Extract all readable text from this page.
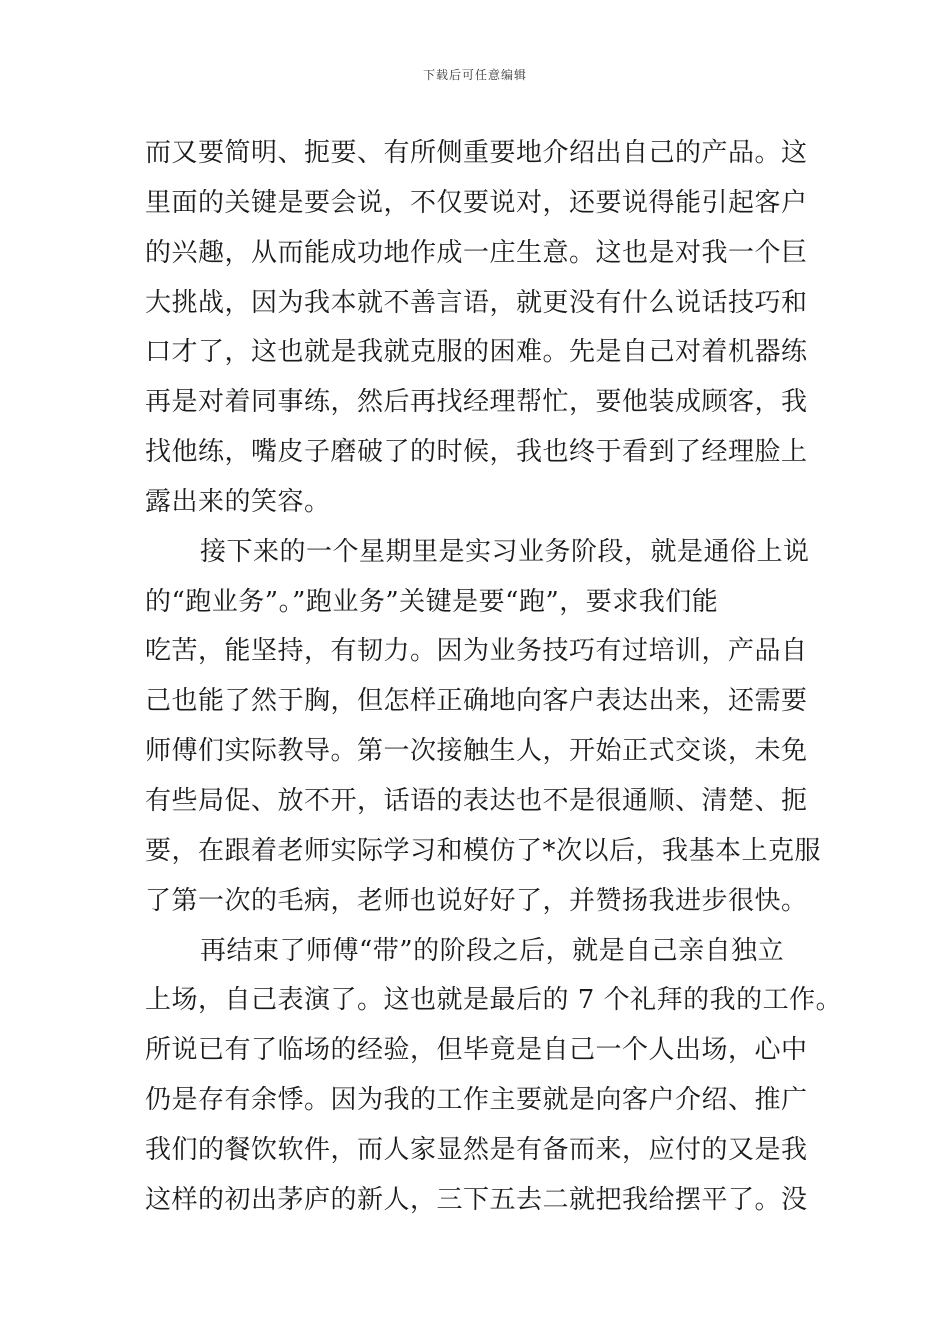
下载后可任意编辑
而又要简明、扼要、有所侧重要地介绍出自己的产品。这
里面的关键是要会说，不仅要说对，还要说得能引起客户
的兴趣，从而能成功地作成一庄生意。这也是对我一个巨
大挑战，因为我本就不善言语，就更没有什么说话技巧和
口才了，这也就是我就克服的困难。先是自己对着机器练
再是对着同事练，然后再找经理帮忙，要他装成顾客，我
找他练，嘴皮子磨破了的时候，我也终于看到了经理脸上
露出来的笑容。
接下来的一个星期里是实习业务阶段，就是通俗上说
的“跑业务”。”跑业务”关键是要“跑”，要求我们能
吃苦，能坚持，有韧力。因为业务技巧有过培训，产品自
己也能了然于胸，但怎样正确地向客户表达出来，还需要
师傅们实际教导。第一次接触生人，开始正式交谈，未免
有些局促、放不开，话语的表达也不是很通顺、清楚、扼
要，在跟着老师实际学习和模仿了*次以后，我基本上克服
了第一次的毛病，老师也说好好了，并赞扬我进步很快。
再结束了师傅“带”的阶段之后，就是自己亲自独立
上场，自己表演了。这也就是最后的 7 个礼拜的我的工作。
所说已有了临场的经验，但毕竟是自己一个人出场，心中
仍是存有余悸。因为我的工作主要就是向客户介绍、推广
我们的餐饮软件，而人家显然是有备而来，应付的又是我
这样的初出茅庐的新人，三下五去二就把我给摆平了。没
